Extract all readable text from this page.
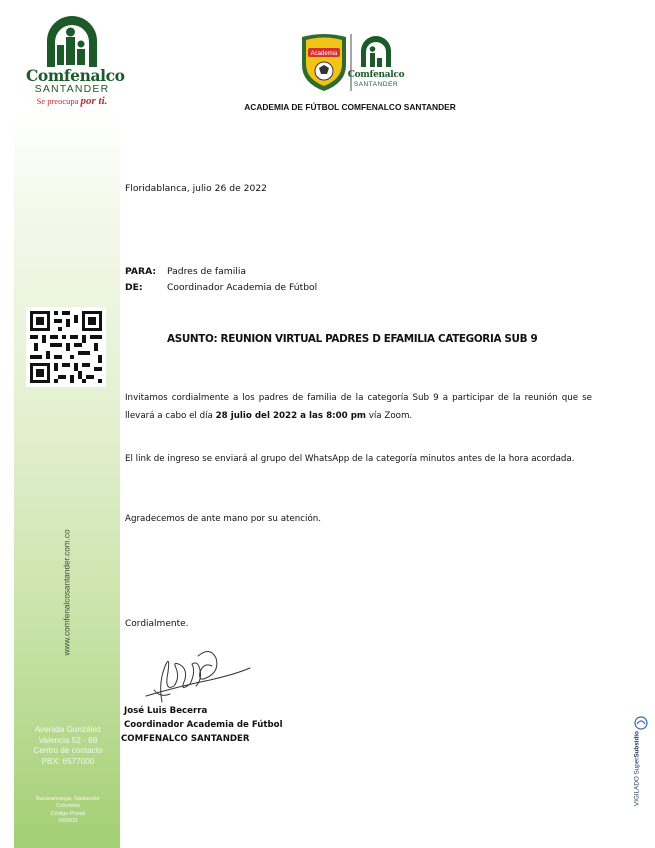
Comfenalco
SANTANDER
Se preocupa por ti.
www.comfenalcosantander.com.co
Avenida González
Valencia 52 - 69
Centro de contacto
PBX: 6577000
Bucaramanga, Santander
Colombia
Código Postal
680003
Academia
Comfenalco
SANTANDER
ACADEMIA DE FÚTBOL COMFENALCO SANTANDER
Floridablanca, julio 26 de 2022
PARA: Padres de familia
DE:	Coordinador Academia de Fútbol
ASUNTO: REUNION VIRTUAL PADRES D EFAMILIA CATEGORIA SUB 9
Invitamos cordialmente a los padres de familia de la categoría Sub 9 a participar de la reunión que se llevará a cabo el día 28 julio del 2022 a las 8:00 pm vía Zoom.
El link de ingreso se enviará al grupo del WhatsApp de la categoría minutos antes de la hora acordada.
Agradecemos de ante mano por su atención.
Cordialmente.
José Luis Becerra
Coordinador Academia de Fútbol
COMFENALCO SANTANDER
VIGILADO SuperSubsidio
